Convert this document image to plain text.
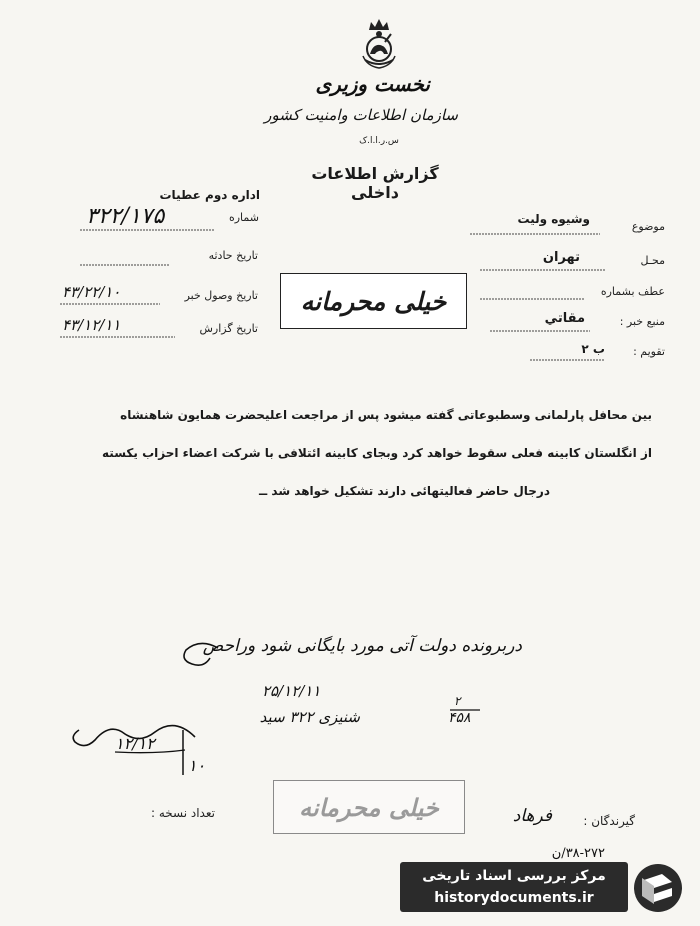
نخست وزیری
سازمان اطلاعات وامنیت کشور
س.ر.ا.ا.ک
گزارش اطلاعات داخلی
اداره دوم عطیات
شماره
۳۲۲/۱۷۵
تاریخ حادثه
تاریخ وصول خبر
۴۳/۲۲/۱۰
تاریخ گزارش
۴۳/۱۲/۱۱
موضوع
وشیوه ولیت
محـل
تهران
عطف بشماره
منبع خبر :
مقاتي
تقویم :
ب ۲
خیلی محرمانه
بین محافل پارلمانی وسطبوعاتی گفته میشود پس از مراجعت اعلیحضرت همایون شاهنشاه
از انگلستان کابینه فعلی سقوط خواهد کرد وبجای کابینه ائتلافی با شرکت اعضاء احزاب یکسته
درجال حاضر فعالیتهائی دارند تشکیل خواهد شد ــ
دربرونده دولت آتی مورد بایگانی شود وراحص
۲۵/۱۲/۱۱
۲
۴۵۸
شنیزی ۳۲۲ سید
۱۲/۱۲
۱۰
تعداد نسخه :	خیلی محرمانه	گیرندگان :
فرهاد
۳۸-۲۷۲/ن
مرکز بررسی اسناد تاریخی
historydocuments.ir
